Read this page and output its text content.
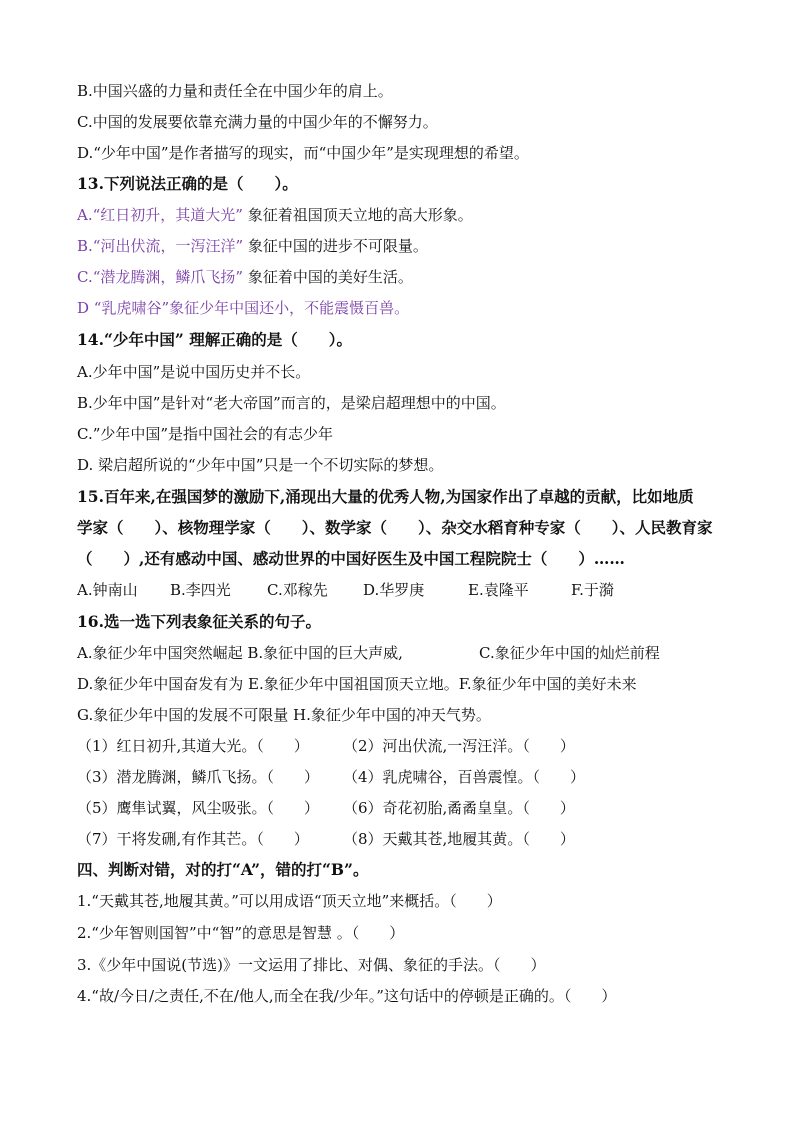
B.中国兴盛的力量和责任全在中国少年的肩上。
C.中国的发展要依靠充满力量的中国少年的不懈努力。
D.“少年中国”是作者描写的现实，而“中国少年”是实现理想的希望。
13.下列说法正确的是（　　）。
A.“红日初升，其道大光” 象征着祖国顶天立地的高大形象。
B.“河出伏流，一泻汪洋” 象征中国的进步不可限量。
C.“潜龙腾渊，鳞爪飞扬” 象征着中国的美好生活。
D “乳虎啸谷”象征少年中国还小，不能震慑百兽。
14.“少年中国” 理解正确的是（　　）。
A.少年中国”是说中国历史并不长。
B.少年中国”是针对“老大帝国”而言的，是梁启超理想中的中国。
C.”少年中国”是指中国社会的有志少年
D. 梁启超所说的“少年中国”只是一个不切实际的梦想。
15.百年来,在强国梦的激励下,涌现出大量的优秀人物,为国家作出了卓越的贡献，比如地质
学家（　　）、核物理学家（　　）、数学家（　　）、杂交水稻育种专家（　　）、人民教育家
（　　）,还有感动中国、感动世界的中国好医生及中国工程院院士（　　）……
A.钟南山 B.李四光 C.邓稼先 D.华罗庚	E.袁隆平	F.于漪
16.选一选下列表象征关系的句子。
A.象征少年中国突然崛起 B.象征中国的巨大声威,	C.象征少年中国的灿烂前程
D.象征少年中国奋发有为 E.象征少年中国祖国顶天立地。F.象征少年中国的美好未来
G.象征少年中国的发展不可限量 H.象征少年中国的冲天气势。
（1）红日初升,其道大光。（　　） （2）河出伏流,一泻汪洋。（　　）
（3）潜龙腾渊，鳞爪飞扬。（　　） （4）乳虎啸谷，百兽震惶。（　　）
（5）鹰隼试翼，风尘吸张。（　　） （6）奇花初胎,矞矞皇皇。（　　）
（7）干将发硎,有作其芒。（　　） （8）天戴其苍,地履其黄。（　　）
四、判断对错，对的打“A”，错的打“B”。
1.“天戴其苍,地履其黄。”可以用成语“顶天立地”来概括。（　　）
2.“少年智则国智”中“智”的意思是智慧 。（　　）
3.《少年中国说(节选)》一文运用了排比、对偶、象征的手法。（　　）
4.“故/今日/之责任,不在/他人,而全在我/少年。”这句话中的停顿是正确的。（　　）
